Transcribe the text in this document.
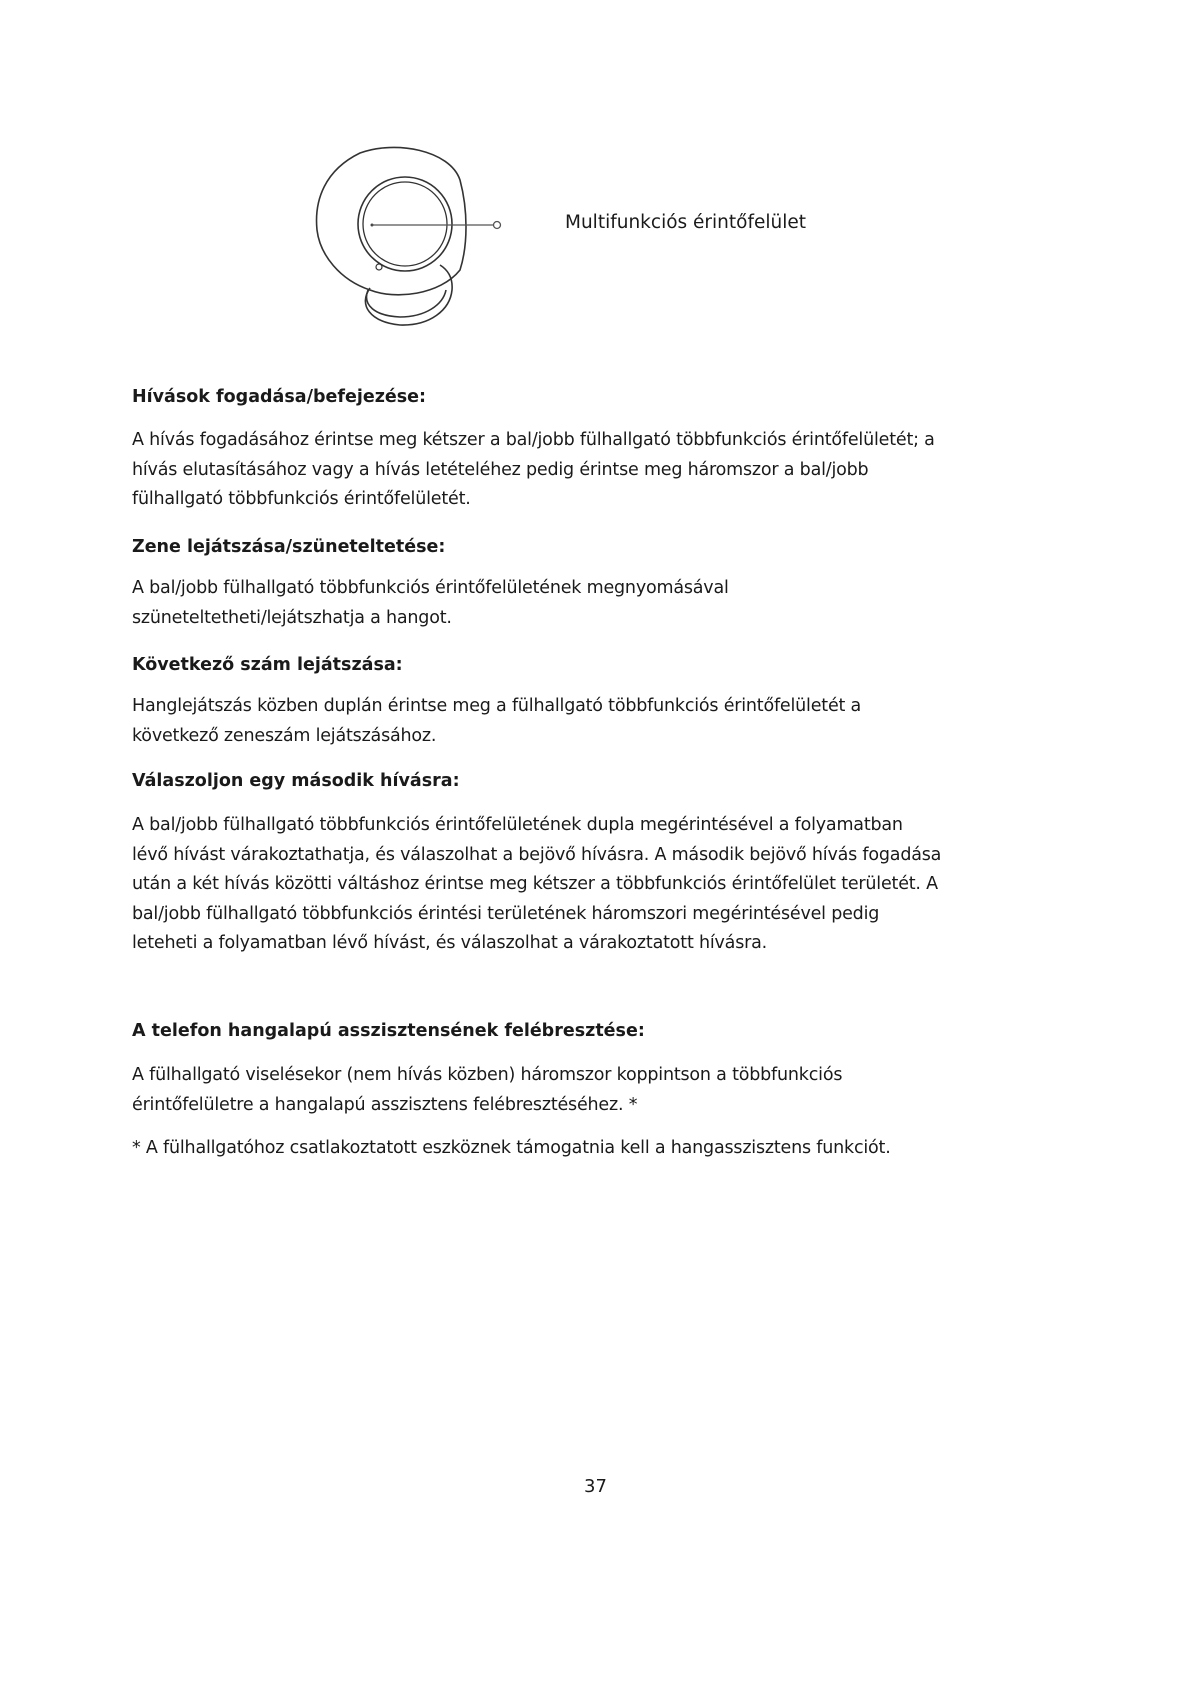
Multifunkciós érintőfelület
Hívások fogadása/befejezése:
A hívás fogadásához érintse meg kétszer a bal/jobb fülhallgató többfunkciós érintőfelületét; a
hívás elutasításához vagy a hívás letételéhez pedig érintse meg háromszor a bal/jobb
fülhallgató többfunkciós érintőfelületét.
Zene lejátszása/szüneteltetése:
A bal/jobb fülhallgató többfunkciós érintőfelületének megnyomásával
szüneteltetheti/lejátszhatja a hangot.
Következő szám lejátszása:
Hanglejátszás közben duplán érintse meg a fülhallgató többfunkciós érintőfelületét a
következő zeneszám lejátszásához.
Válaszoljon egy második hívásra:
A bal/jobb fülhallgató többfunkciós érintőfelületének dupla megérintésével a folyamatban
lévő hívást várakoztathatja, és válaszolhat a bejövő hívásra. A második bejövő hívás fogadása
után a két hívás közötti váltáshoz érintse meg kétszer a többfunkciós érintőfelület területét. A
bal/jobb fülhallgató többfunkciós érintési területének háromszori megérintésével pedig
leteheti a folyamatban lévő hívást, és válaszolhat a várakoztatott hívásra.
A telefon hangalapú asszisztensének felébresztése:
A fülhallgató viselésekor (nem hívás közben) háromszor koppintson a többfunkciós
érintőfelületre a hangalapú asszisztens felébresztéséhez. *
* A fülhallgatóhoz csatlakoztatott eszköznek támogatnia kell a hangasszisztens funkciót.
37
